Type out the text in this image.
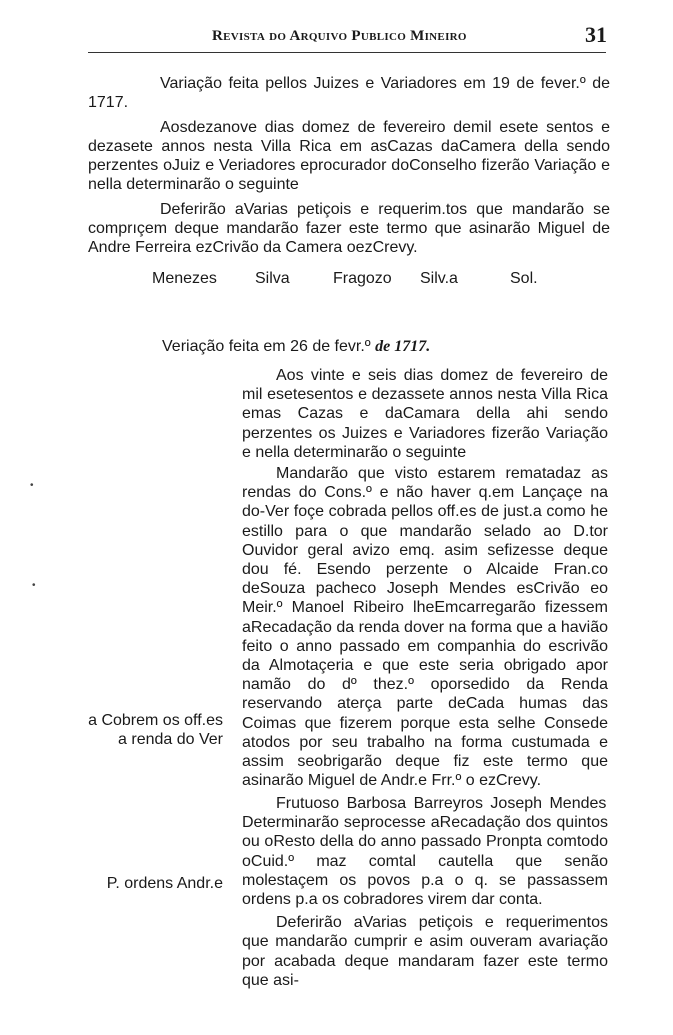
Revista do Arquivo Publico Mineiro	31

Variação feita pellos Juizes e Variadores em 19 de fever.º de 1717.

Aosdezanove dias domez de fevereiro demil esete sentos e dezasete annos nesta Villa Rica em asCazas daCamera della sendo perzentes oJuiz e Veriadores eprocurador doConselho fizerão Variação e nella determinarão o seguinte

Deferirão aVarias petiçois e requerim.tos que mandarão se comprıçem deque mandarão fazer este termo que asinarão Miguel de Andre Ferreira ezCrivão da Camera oezCrevy.

Menezes Silva	Fragozo Silv.a	Sol.
Veriação feita em 26 de fevr.º de 1717.

Aos vinte e seis dias domez de fevereiro de mil esetesentos e dezassete annos nesta Villa Rica emas Cazas e daCamara della ahi sendo perzentes os Juizes e Variadores fizerão Variação e nella determinarão o seguinte

Mandarão que visto estarem rematadaz as rendas do Cons.º e não haver q.em Lançaçe na do-Ver foçe cobrada pellos off.es de just.a como he estillo para o que mandarão selado ao D.tor Ouvidor geral avizo emq. asim sefizesse deque dou fé. Esendo perzente o Alcaide Fran.co deSouza pacheco Joseph Mendes esCrivão eo Meir.º Manoel Ribeiro lheEmcarregarão fizessem aRecadação da renda dover na forma que a havião feito o anno passado em companhia do escrivão da Almotaçeria e que este seria obrigado apor namão do dº thez.º oporsedido da Renda reservando aterça parte deCada humas das Coimas que fizerem porque esta selhe Consede atodos por seu trabalho na forma custumada e assim seobrigarão deque fiz este termo que asinarão Miguel de Andr.e Frr.º o ezCrevy.

Frutuoso Barbosa Barreyros Joseph Mendes

Determinarão seprocesse aRecadação dos quintos ou oResto della do anno passado Pronpta comtodo oCuid.º maz comtal cautella que senão molestaçem os povos p.a o q. se passassem ordens p.a os cobradores virem dar conta.

Deferirão aVarias petiçois e requerimentos que mandarão cumprir e asim ouveram avariação por acabada deque mandaram fazer este termo que asi-

a Cobrem os off.es a renda do Ver
P. ordens Andr.e
•
•
